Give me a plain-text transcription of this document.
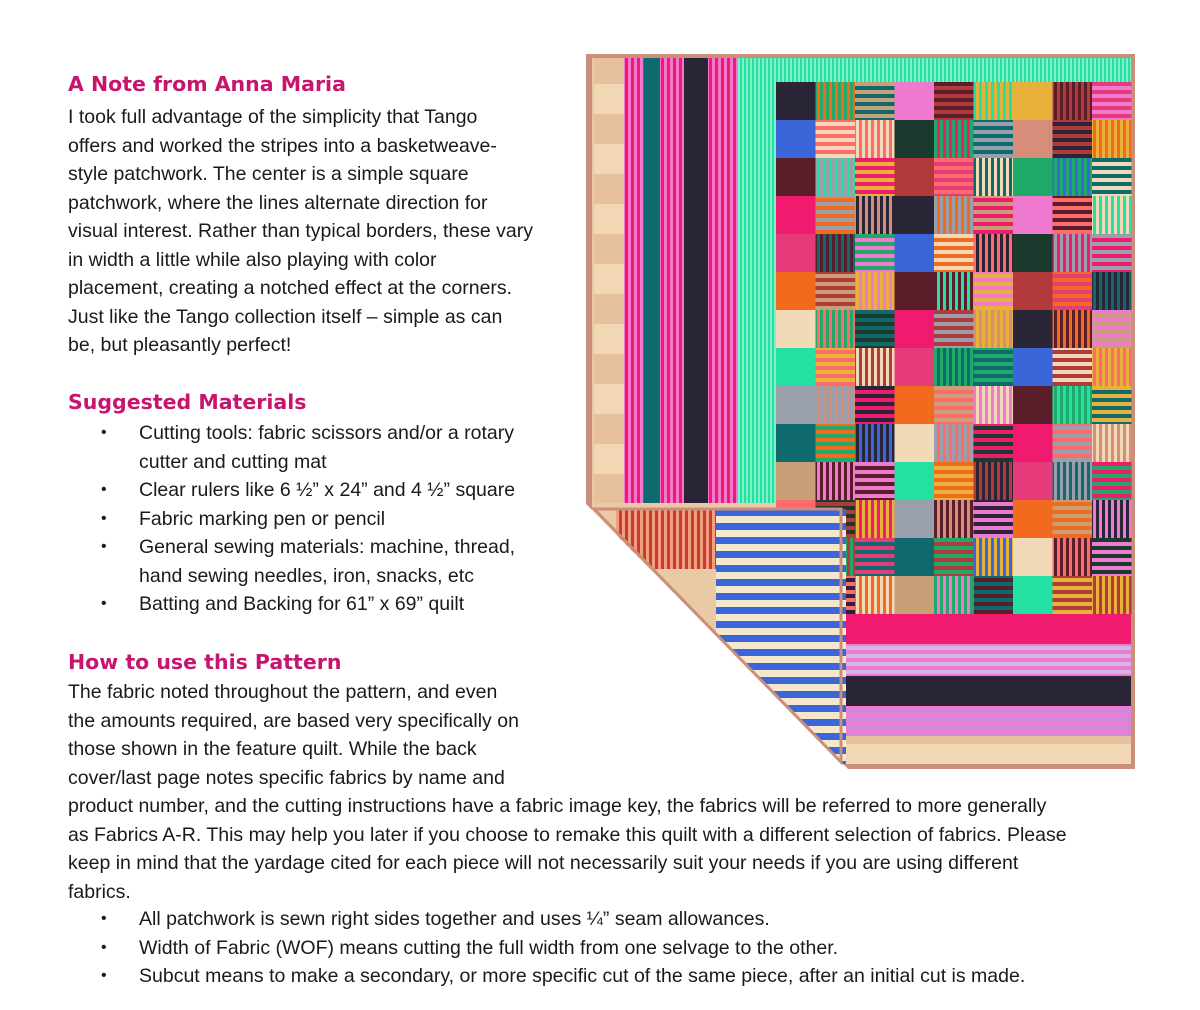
A Note from Anna Maria

I took full advantage of the simplicity that Tango
offers and worked the stripes into a basketweave-
style patchwork. The center is a simple square
patchwork, where the lines alternate direction for
visual interest. Rather than typical borders, these vary
in width a little while also playing with color
placement, creating a notched effect at the corners.
Just like the Tango collection itself – simple as can
be, but pleasantly perfect!

Suggested Materials
• Cutting tools: fabric scissors and/or a rotary
cutter and cutting mat
• Clear rulers like 6 ½” x 24” and 4 ½” square
• Fabric marking pen or pencil
• General sewing materials: machine, thread,
hand sewing needles, iron, snacks, etc
• Batting and Backing for 61” x 69” quilt
How to use this Pattern

The fabric noted throughout the pattern, and even
the amounts required, are based very specifically on
those shown in the feature quilt. While the back
cover/last page notes specific fabrics by name and
product number, and the cutting instructions have a fabric image key, the fabrics will be referred to more generally
as Fabrics A-R. This may help you later if you choose to remake this quilt with a different selection of fabrics. Please
keep in mind that the yardage cited for each piece will not necessarily suit your needs if you are using different
fabrics.

• All patchwork is sewn right sides together and uses ¼” seam allowances.
• Width of Fabric (WOF) means cutting the full width from one selvage to the other.
• Subcut means to make a secondary, or more specific cut of the same piece, after an initial cut is made.
